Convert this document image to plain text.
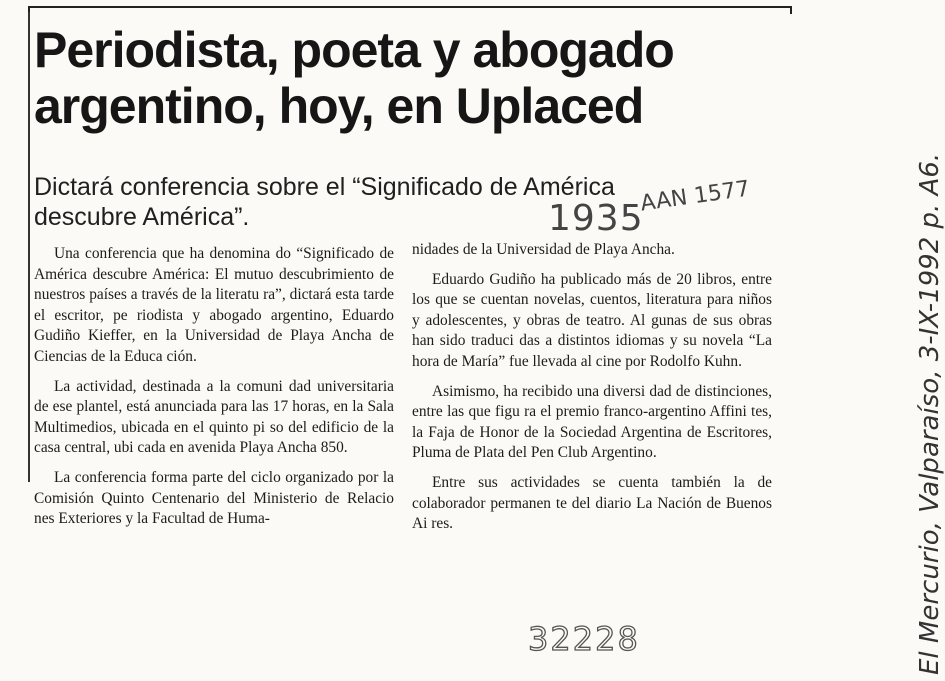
Periodista, poeta y abogado argentino, hoy, en Uplaced
Dictará conferencia sobre el “Significado de América descubre América”.

Una conferencia que ha denomina do “Significado de América descubre América: El mutuo descubrimiento de nuestros países a través de la literatu ra”, dictará esta tarde el escritor, pe riodista y abogado argentino, Eduardo Gudiño Kieffer, en la Universidad de Playa Ancha de Ciencias de la Educa ción.

La actividad, destinada a la comuni dad universitaria de ese plantel, está anunciada para las 17 horas, en la Sala Multimedios, ubicada en el quinto pi so del edificio de la casa central, ubi cada en avenida Playa Ancha 850.

La conferencia forma parte del ciclo organizado por la Comisión Quinto Centenario del Ministerio de Relacio nes Exteriores y la Facultad de Huma-

nidades de la Universidad de Playa Ancha.

Eduardo Gudiño ha publicado más de 20 libros, entre los que se cuentan novelas, cuentos, literatura para niños y adolescentes, y obras de teatro. Al gunas de sus obras han sido traduci das a distintos idiomas y su novela “La hora de María” fue llevada al cine por Rodolfo Kuhn.

Asimismo, ha recibido una diversi dad de distinciones, entre las que figu ra el premio franco-argentino Affini tes, la Faja de Honor de la Sociedad Argentina de Escritores, Pluma de Plata del Pen Club Argentino.

Entre sus actividades se cuenta también la de colaborador permanen te del diario La Nación de Buenos Ai res.

1935
AAN 1577	El Mercurio, Valparaíso, 3-IX-1992 p. A6.
32228
